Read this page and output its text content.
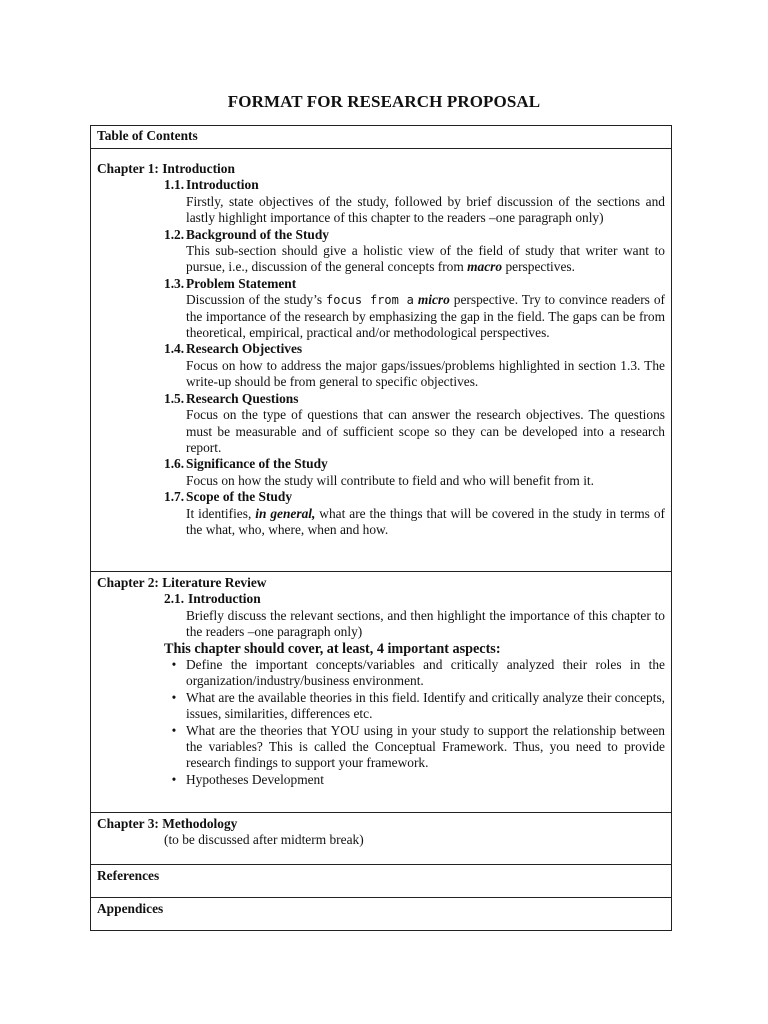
FORMAT FOR RESEARCH PROPOSAL
Table of Contents
Chapter 1: Introduction
1.1. Introduction
Firstly, state objectives of the study, followed by brief discussion of the sections and lastly highlight importance of this chapter to the readers –one paragraph only)
1.2. Background of the Study
This sub-section should give a holistic view of the field of study that writer want to pursue, i.e., discussion of the general concepts from macro perspectives.
1.3. Problem Statement
Discussion of the study’s focus from a micro perspective. Try to convince readers of the importance of the research by emphasizing the gap in the field. The gaps can be from theoretical, empirical, practical and/or methodological perspectives.
1.4. Research Objectives
Focus on how to address the major gaps/issues/problems highlighted in section 1.3. The write-up should be from general to specific objectives.
1.5. Research Questions
Focus on the type of questions that can answer the research objectives. The questions must be measurable and of sufficient scope so they can be developed into a research report.
1.6. Significance of the Study
Focus on how the study will contribute to field and who will benefit from it.
1.7. Scope of the Study
It identifies, in general, what are the things that will be covered in the study in terms of the what, who, where, when and how.
Chapter 2: Literature Review
2.1. Introduction
Briefly discuss the relevant sections, and then highlight the importance of this chapter to the readers –one paragraph only)
This chapter should cover, at least, 4 important aspects:
• Define the important concepts/variables and critically analyzed their roles in the organization/industry/business environment.
• What are the available theories in this field. Identify and critically analyze their concepts, issues, similarities, differences etc.
• What are the theories that YOU using in your study to support the relationship between the variables? This is called the Conceptual Framework. Thus, you need to provide research findings to support your framework.
• Hypotheses Development
Chapter 3: Methodology
(to be discussed after midterm break)
References
Appendices
